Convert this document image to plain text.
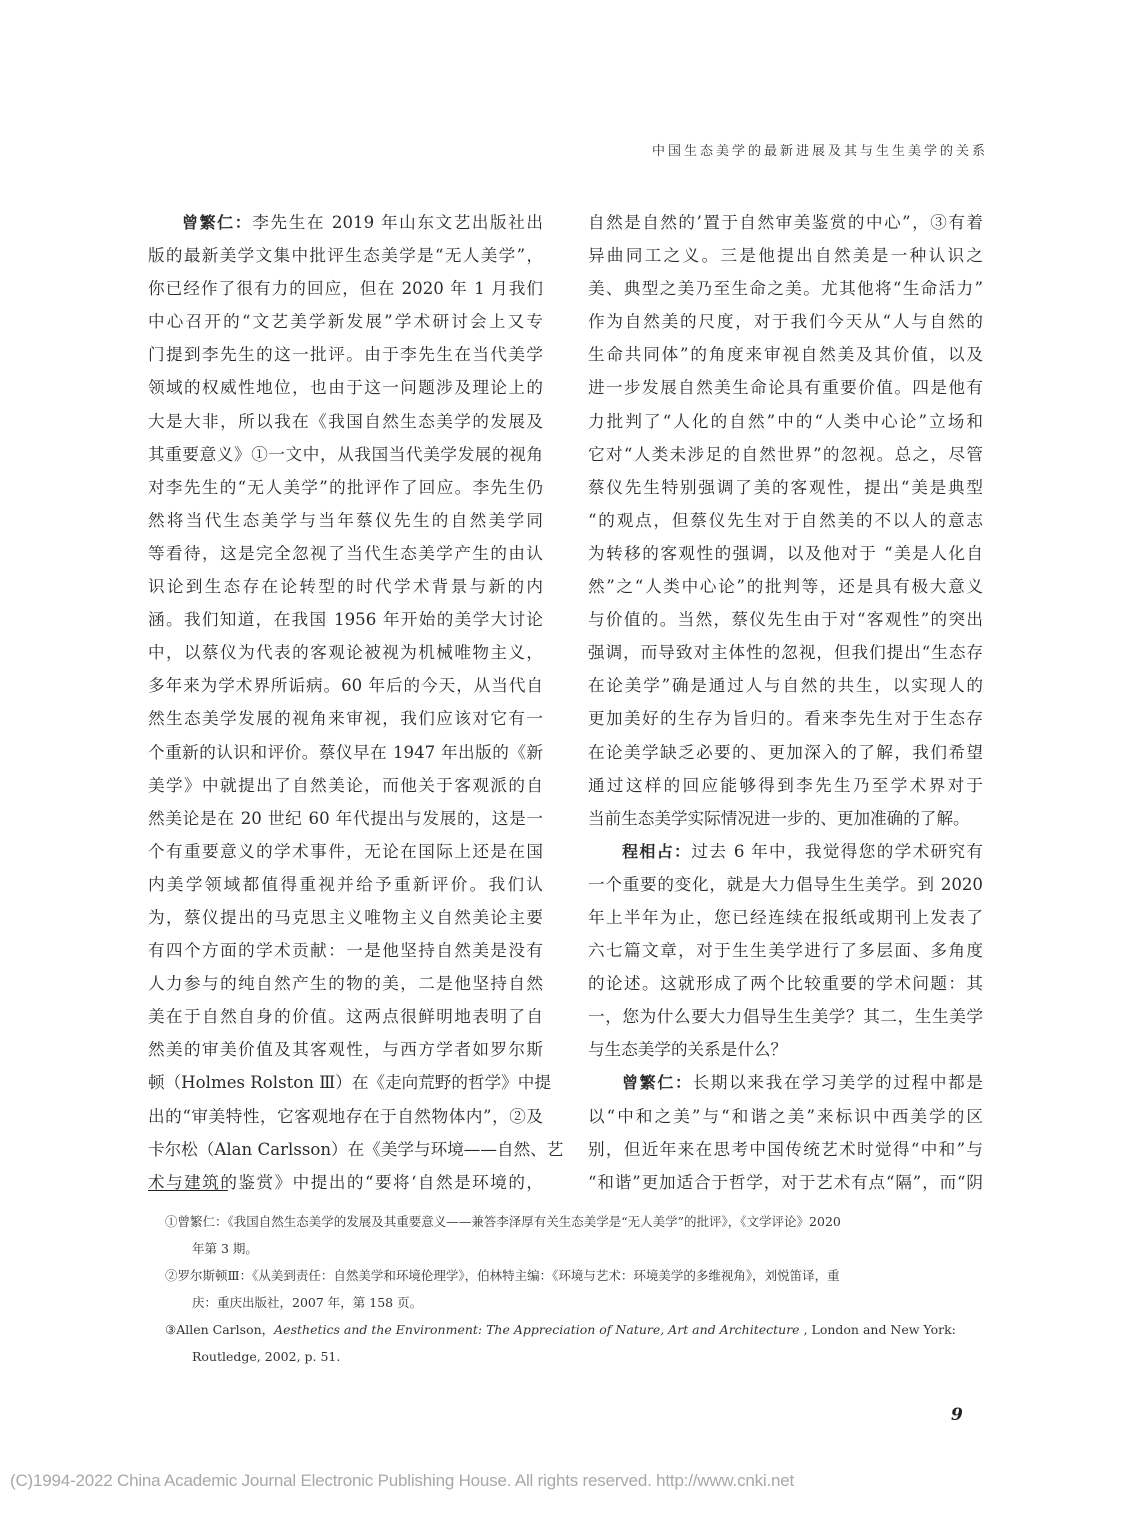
中国生态美学的最新进展及其与生生美学的关系
曾繁仁：李先生在 2019 年山东文艺出版社出
版的最新美学文集中批评生态美学是“无人美学”，
你已经作了很有力的回应，但在 2020 年 1 月我们
中心召开的“文艺美学新发展”学术研讨会上又专
门提到李先生的这一批评。由于李先生在当代美学
领域的权威性地位，也由于这一问题涉及理论上的
大是大非，所以我在《我国自然生态美学的发展及
其重要意义》①一文中，从我国当代美学发展的视角
对李先生的“无人美学”的批评作了回应。李先生仍
然将当代生态美学与当年蔡仪先生的自然美学同
等看待，这是完全忽视了当代生态美学产生的由认
识论到生态存在论转型的时代学术背景与新的内
涵。我们知道，在我国 1956 年开始的美学大讨论
中，以蔡仪为代表的客观论被视为机械唯物主义，
多年来为学术界所诟病。60 年后的今天，从当代自
然生态美学发展的视角来审视，我们应该对它有一
个重新的认识和评价。蔡仪早在 1947 年出版的《新
美学》中就提出了自然美论，而他关于客观派的自
然美论是在 20 世纪 60 年代提出与发展的，这是一
个有重要意义的学术事件，无论在国际上还是在国
内美学领域都值得重视并给予重新评价。我们认
为，蔡仪提出的马克思主义唯物主义自然美论主要
有四个方面的学术贡献：一是他坚持自然美是没有
人力参与的纯自然产生的物的美，二是他坚持自然
美在于自然自身的价值。这两点很鲜明地表明了自
然美的审美价值及其客观性，与西方学者如罗尔斯
顿（Holmes Rolston Ⅲ）在《走向荒野的哲学》中提
出的“审美特性，它客观地存在于自然物体内”，②及
卡尔松（Alan Carlsson）在《美学与环境——自然、艺
术与建筑的鉴赏》中提出的“要将‘自然是环境的，
自然是自然的’置于自然审美鉴赏的中心”，③有着
异曲同工之义。三是他提出自然美是一种认识之
美、典型之美乃至生命之美。尤其他将“生命活力”
作为自然美的尺度，对于我们今天从“人与自然的
生命共同体”的角度来审视自然美及其价值，以及
进一步发展自然美生命论具有重要价值。四是他有
力批判了“人化的自然”中的“人类中心论”立场和
它对“人类未涉足的自然世界”的忽视。总之，尽管
蔡仪先生特别强调了美的客观性，提出“美是典型
“的观点，但蔡仪先生对于自然美的不以人的意志
为转移的客观性的强调，以及他对于 “美是人化自
然”之“人类中心论”的批判等，还是具有极大意义
与价值的。当然，蔡仪先生由于对“客观性”的突出
强调，而导致对主体性的忽视，但我们提出“生态存
在论美学”确是通过人与自然的共生，以实现人的
更加美好的生存为旨归的。看来李先生对于生态存
在论美学缺乏必要的、更加深入的了解，我们希望
通过这样的回应能够得到李先生乃至学术界对于
当前生态美学实际情况进一步的、更加准确的了解。
程相占：过去 6 年中，我觉得您的学术研究有
一个重要的变化，就是大力倡导生生美学。到 2020
年上半年为止，您已经连续在报纸或期刊上发表了
六七篇文章，对于生生美学进行了多层面、多角度
的论述。这就形成了两个比较重要的学术问题：其
一，您为什么要大力倡导生生美学？其二，生生美学
与生态美学的关系是什么？
曾繁仁：长期以来我在学习美学的过程中都是
以“中和之美”与“和谐之美”来标识中西美学的区
别，但近年来在思考中国传统艺术时觉得“中和”与
“和谐”更加适合于哲学，对于艺术有点“隔”，而“阴
①曾繁仁：《我国自然生态美学的发展及其重要意义——兼答李泽厚有关生态美学是“无人美学”的批评》，《文学评论》2020
年第 3 期。
②罗尔斯顿Ⅲ：《从美到责任：自然美学和环境伦理学》，伯林特主编：《环境与艺术：环境美学的多维视角》，刘悦笛译，重
庆：重庆出版社，2007 年，第 158 页。
③Allen Carlson，Aesthetics and the Environment: The Appreciation of Nature, Art and Architecture , London and New York:
Routledge, 2002, p. 51.
9
(C)1994-2022 China Academic Journal Electronic Publishing House. All rights reserved. http://www.cnki.net
